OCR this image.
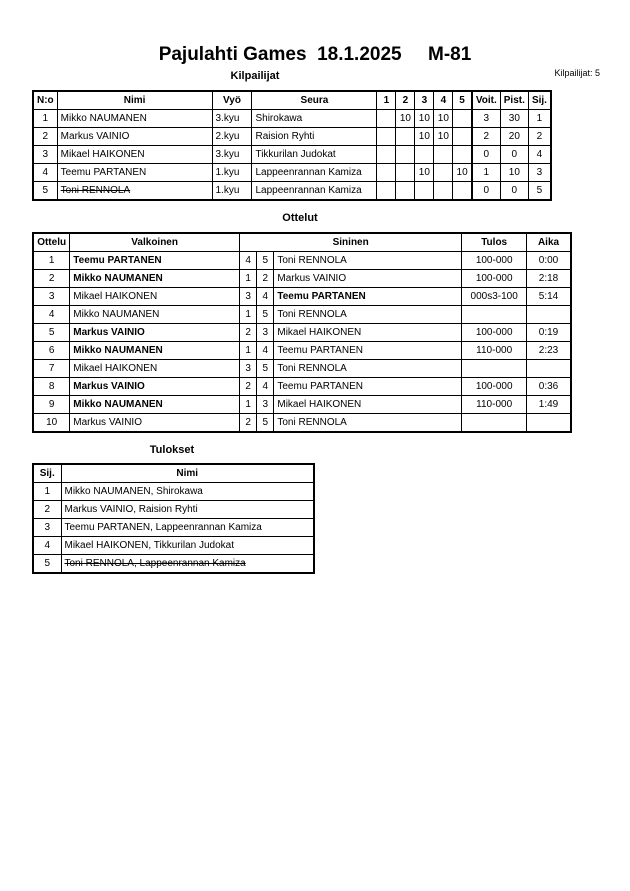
Pajulahti Games  18.1.2025     M-81
Kilpailijat	Kilpailijat: 5
N:o	Nimi	Vyö	Seura	1	2	3	4	5	Voit.	Pist.	Sij.
1	Mikko NAUMANEN	3.kyu	Shirokawa		10	10	10		3	30	1
2	Markus VAINIO	2.kyu	Raision Ryhti			10	10		2	20	2
3	Mikael HAIKONEN	3.kyu	Tikkurilan Judokat						0	0	4
4	Teemu PARTANEN	1.kyu	Lappeenrannan Kamiza			10		10	1	10	3
5	Toni RENNOLA	1.kyu	Lappeenrannan Kamiza						0	0	5
Ottelut
Ottelu	Valkoinen	Sininen			Tulos	Aika
1	Teemu PARTANEN	4	5	Toni RENNOLA	100-000	0:00
2	Mikko NAUMANEN	1	2	Markus VAINIO	100-000	2:18
3	Mikael HAIKONEN	3	4	Teemu PARTANEN	000s3-100	5:14
4	Mikko NAUMANEN	1	5	Toni RENNOLA		
5	Markus VAINIO	2	3	Mikael HAIKONEN	100-000	0:19
6	Mikko NAUMANEN	1	4	Teemu PARTANEN	110-000	2:23
7	Mikael HAIKONEN	3	5	Toni RENNOLA		
8	Markus VAINIO	2	4	Teemu PARTANEN	100-000	0:36
9	Mikko NAUMANEN	1	3	Mikael HAIKONEN	110-000	1:49
10	Markus VAINIO	2	5	Toni RENNOLA		
Tulokset
Sij.	Nimi
1	Mikko NAUMANEN, Shirokawa
2	Markus VAINIO, Raision Ryhti
3	Teemu PARTANEN, Lappeenrannan Kamiza
4	Mikael HAIKONEN, Tikkurilan Judokat
5	Toni RENNOLA, Lappeenrannan Kamiza
